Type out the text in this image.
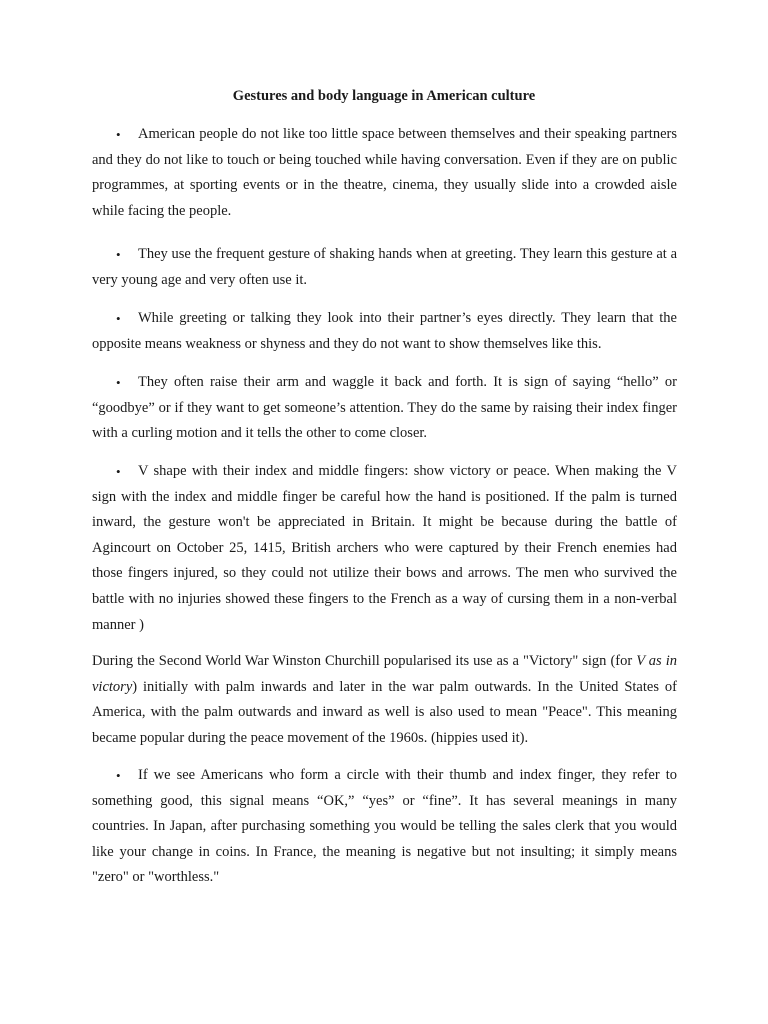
Gestures and body language in American culture

• American people do not like too little space between themselves and their speaking partners and they do not like to touch or being touched while having conversation. Even if they are on public programmes, at sporting events or in the theatre, cinema, they usually slide into a crowded aisle while facing the people.

• They use the frequent gesture of shaking hands when at greeting. They learn this gesture at a very young age and very often use it.

• While greeting or talking they look into their partner’s eyes directly. They learn that the opposite means weakness or shyness and they do not want to show themselves like this.

• They often raise their arm and waggle it back and forth. It is sign of saying “hello” or “goodbye” or if they want to get someone’s attention. They do the same by raising their index finger with a curling motion and it tells the other to come closer.

• V shape with their index and middle fingers: show victory or peace. When making the V sign with the index and middle finger be careful how the hand is positioned. If the palm is turned inward, the gesture won't be appreciated in Britain. It might be because during the battle of Agincourt on October 25, 1415, British archers who were captured by their French enemies had those fingers injured, so they could not utilize their bows and arrows. The men who survived the battle with no injuries showed these fingers to the French as a way of cursing them in a non-verbal manner )

During the Second World War Winston Churchill popularised its use as a "Victory" sign (for V as in victory) initially with palm inwards and later in the war palm outwards. In the United States of America, with the palm outwards and inward as well is also used to mean "Peace". This meaning became popular during the peace movement of the 1960s. (hippies used it).

• If we see Americans who form a circle with their thumb and index finger, they refer to something good, this signal means “OK,” “yes” or “fine”. It has several meanings in many countries. In Japan, after purchasing something you would be telling the sales clerk that you would like your change in coins. In France, the meaning is negative but not insulting; it simply means "zero" or "worthless."
